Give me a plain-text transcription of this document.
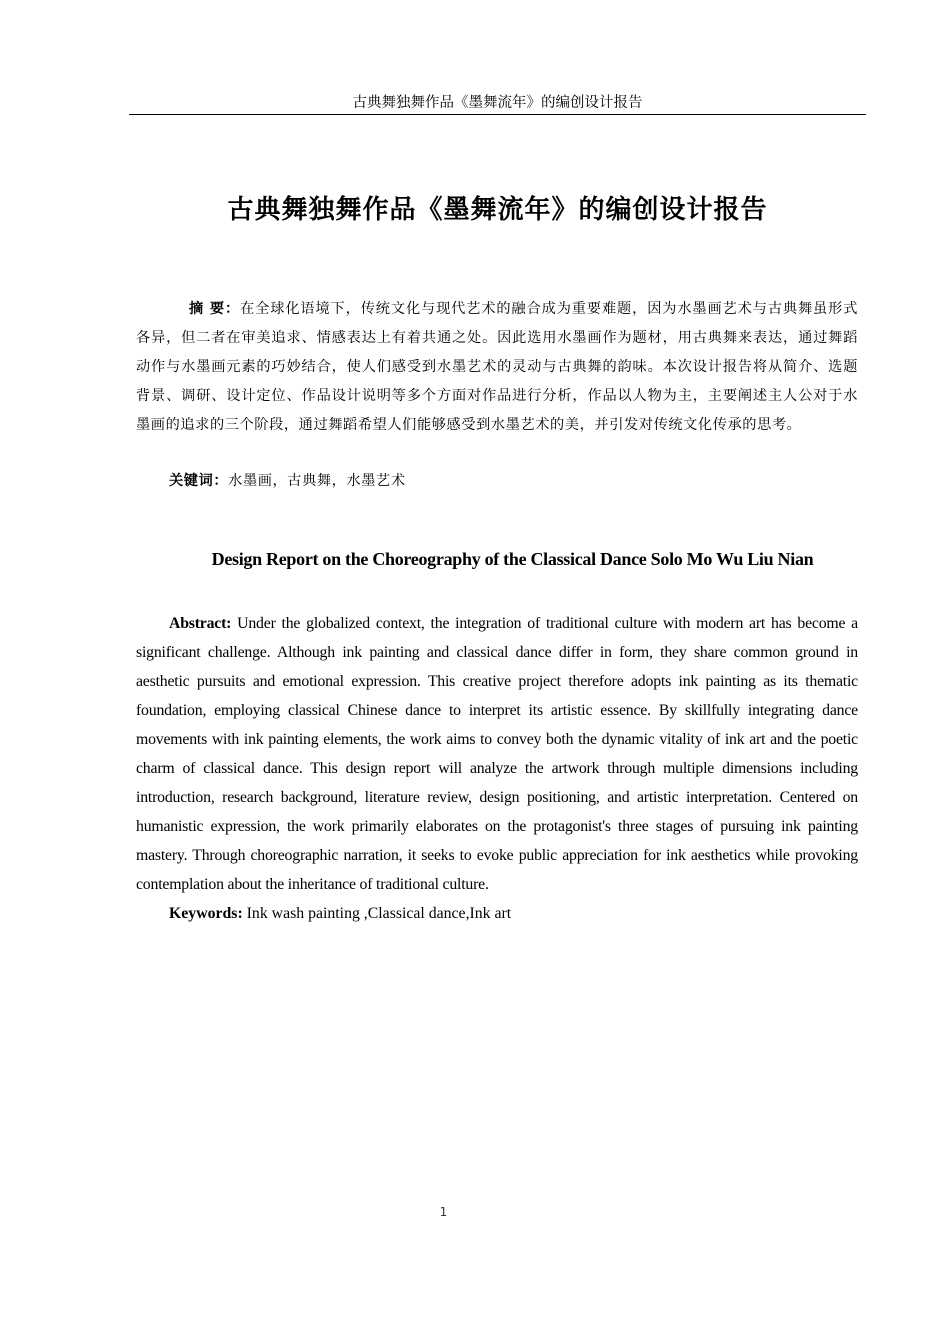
古典舞独舞作品《墨舞流年》的编创设计报告
古典舞独舞作品《墨舞流年》的编创设计报告

摘 要：在全球化语境下，传统文化与现代艺术的融合成为重要难题，因为水墨画艺术与古典舞虽形式各异，但二者在审美追求、情感表达上有着共通之处。因此选用水墨画作为题材，用古典舞来表达，通过舞蹈动作与水墨画元素的巧妙结合，使人们感受到水墨艺术的灵动与古典舞的韵味。本次设计报告将从简介、选题背景、调研、设计定位、作品设计说明等多个方面对作品进行分析，作品以人物为主，主要阐述主人公对于水墨画的追求的三个阶段，通过舞蹈希望人们能够感受到水墨艺术的美，并引发对传统文化传承的思考。

关键词：水墨画，古典舞，水墨艺术

Design Report on the Choreography of the Classical Dance Solo Mo Wu Liu Nian

Abstract: Under the globalized context, the integration of traditional culture with modern art has become a significant challenge. Although ink painting and classical dance differ in form, they share common ground in aesthetic pursuits and emotional expression. This creative project therefore adopts ink painting as its thematic foundation, employing classical Chinese dance to interpret its artistic essence. By skillfully integrating dance movements with ink painting elements, the work aims to convey both the dynamic vitality of ink art and the poetic charm of classical dance. This design report will analyze the artwork through multiple dimensions including introduction, research background, literature review, design positioning, and artistic interpretation. Centered on humanistic expression, the work primarily elaborates on the protagonist's three stages of pursuing ink painting mastery. Through choreographic narration, it seeks to evoke public appreciation for ink aesthetics while provoking contemplation about the inheritance of traditional culture.

Keywords: Ink wash painting ,Classical dance,Ink art

1
